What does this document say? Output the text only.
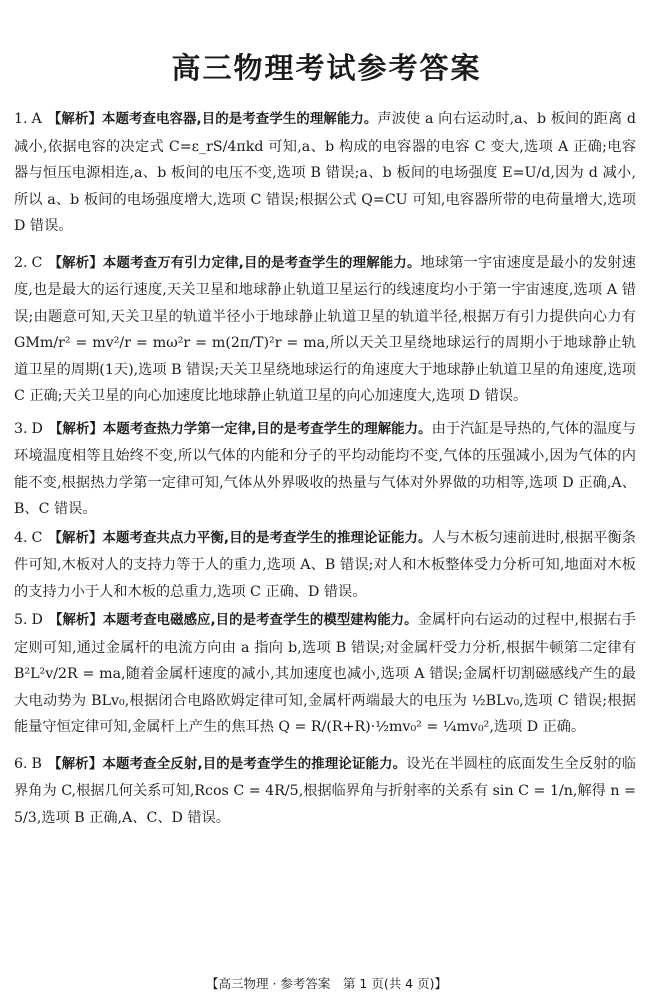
高三物理考试参考答案

1. A 【解析】本题考查电容器,目的是考查学生的理解能力。声波使 a 向右运动时,a、b 板间的距离 d 减小,依据电容的决定式 C=ε_rS/4πkd 可知,a、b 构成的电容器的电容 C 变大,选项 A 正确;电容器与恒压电源相连,a、b 板间的电压不变,选项 B 错误;a、b 板间的电场强度 E=U/d,因为 d 减小,所以 a、b 板间的电场强度增大,选项 C 错误;根据公式 Q=CU 可知,电容器所带的电荷量增大,选项 D 错误。

2. C 【解析】本题考查万有引力定律,目的是考查学生的理解能力。地球第一宇宙速度是最小的发射速度,也是最大的运行速度,天关卫星和地球静止轨道卫星运行的线速度均小于第一宇宙速度,选项 A 错误;由题意可知,天关卫星的轨道半径小于地球静止轨道卫星的轨道半径,根据万有引力提供向心力有 GMm/r² = mv²/r = mω²r = m(2π/T)²r = ma,所以天关卫星绕地球运行的周期小于地球静止轨道卫星的周期(1天),选项 B 错误;天关卫星绕地球运行的角速度大于地球静止轨道卫星的角速度,选项 C 正确;天关卫星的向心加速度比地球静止轨道卫星的向心加速度大,选项 D 错误。

3. D 【解析】本题考查热力学第一定律,目的是考查学生的理解能力。由于汽缸是导热的,气体的温度与环境温度相等且始终不变,所以气体的内能和分子的平均动能均不变,气体的压强减小,因为气体的内能不变,根据热力学第一定律可知,气体从外界吸收的热量与气体对外界做的功相等,选项 D 正确,A、B、C 错误。

4. C 【解析】本题考查共点力平衡,目的是考查学生的推理论证能力。人与木板匀速前进时,根据平衡条件可知,木板对人的支持力等于人的重力,选项 A、B 错误;对人和木板整体受力分析可知,地面对木板的支持力小于人和木板的总重力,选项 C 正确、D 错误。

5. D 【解析】本题考查电磁感应,目的是考查学生的模型建构能力。金属杆向右运动的过程中,根据右手定则可知,通过金属杆的电流方向由 a 指向 b,选项 B 错误;对金属杆受力分析,根据牛顿第二定律有 B²L²v/2R = ma,随着金属杆速度的减小,其加速度也减小,选项 A 错误;金属杆切割磁感线产生的最大电动势为 BLv₀,根据闭合电路欧姆定律可知,金属杆两端最大的电压为 ½BLv₀,选项 C 错误;根据能量守恒定律可知,金属杆上产生的焦耳热 Q = R/(R+R)·½mv₀² = ¼mv₀²,选项 D 正确。

6. B 【解析】本题考查全反射,目的是考查学生的推理论证能力。设光在半圆柱的底面发生全反射的临界角为 C,根据几何关系可知,Rcos C = 4R/5,根据临界角与折射率的关系有 sin C = 1/n,解得 n = 5/3,选项 B 正确,A、C、D 错误。

【高三物理 · 参考答案　第 1 页(共 4 页)】
